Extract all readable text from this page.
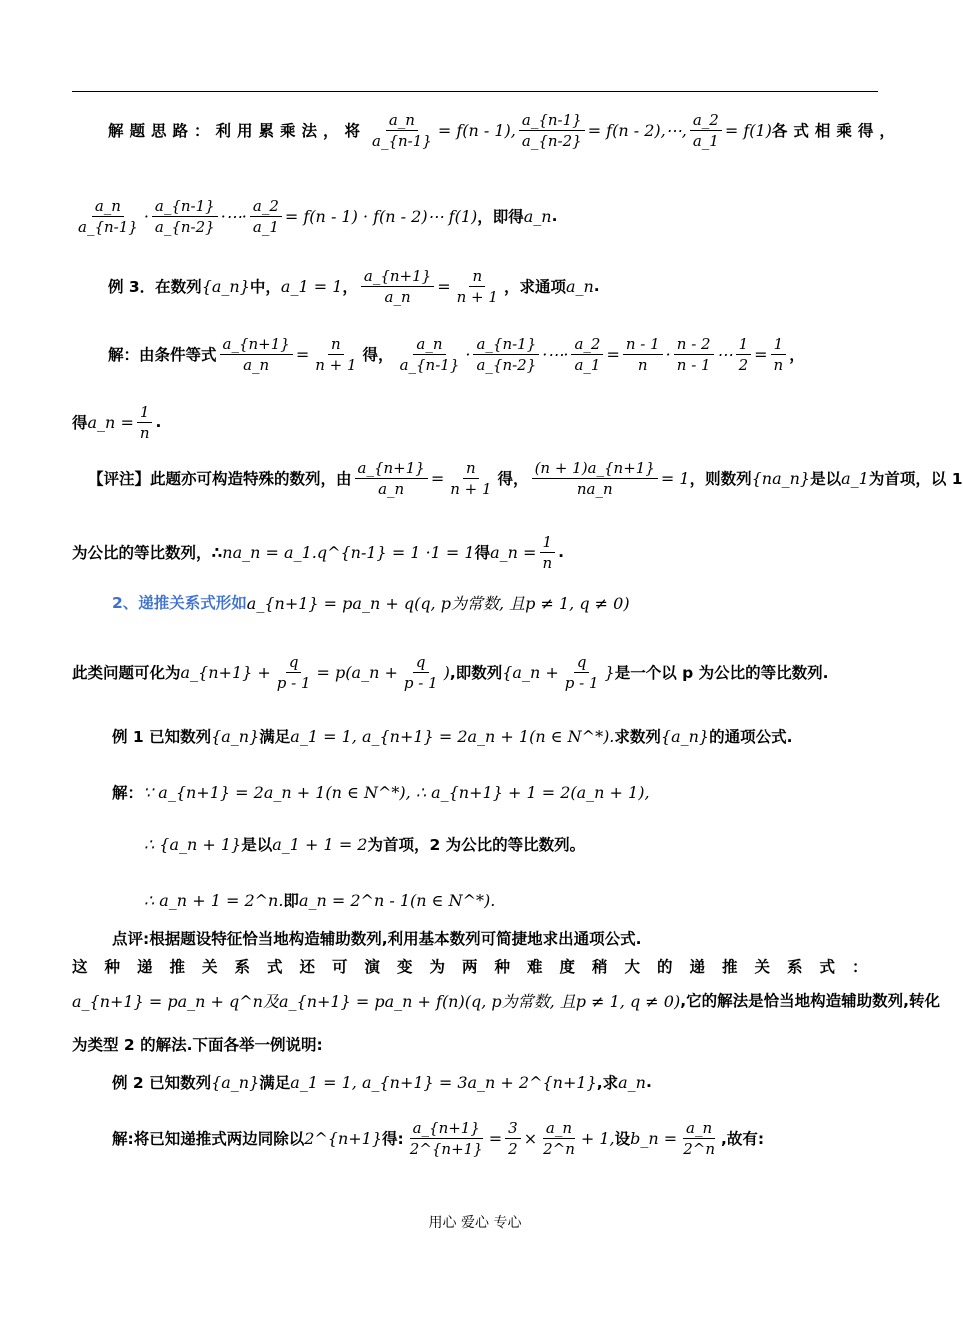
解题思路：利用累乘法，将 $\frac{a\_n}{a\_\{n-1\}} = f(n - 1)$, $\frac{a\_\{n-1\}}{a\_\{n-2\}} = f(n$ - 2),⋯, $\frac{a\_2}{a\_1} = f(1)$ 各式相乘得，
$\frac{a\_n}{a\_\{n-1\}} \cdot \frac{a\_\{n-1\}}{a\_\{n-2\}}$ ·⋯· $\frac{a\_2}{a\_1} = f(n - 1) \cdot f(n$ - 2)⋯ f(1) ，即得 a_n .
例 3．在数列 {a_n} 中， a_1 = 1 ， $\frac{a\_\{n+1\}}{a\_n} = \frac{n}{n + 1}$ ，求通项 a_n .
解：由条件等式 $\frac{a\_\{n+1\}}{a\_n} = \frac{n}{n + 1}$ 得， $\frac{a\_n}{a\_\{n-1\}} \cdot \frac{a\_\{n-1\}}{a\_\{n-2\}}$ ·⋯· $\frac{a\_2}{a\_1} = \frac{n - 1}{n} \cdot \frac{n - 2}{n - 1}$ ⋯ $\frac{1}{2} = \frac{1}{n}$ ，
得 a_n = $\frac{1}{n}$ .
【评注】此题亦可构造特殊的数列，由 $\frac{a\_\{n+1\}}{a\_n} = \frac{n}{n + 1}$ 得， $\frac{(n + 1)a\_\{n+1\}}{na\_n} = 1$ ，则数列 {na_n} 是以 a_1 为首项，以 1
为公比的等比数列，∴ na_n = a_1.q^{n-1} = 1 ·1 = 1 得 a_n = $\frac{1}{n}$ .
2、递推关系式形如 a_{n+1} = pa_n + q(q, p为常数, 且p ≠ 1, q ≠ 0)
此类问题可化为 a_{n+1} + $\frac{q}{p - 1}$ = p(a_n + $\frac{q}{p - 1}$ ) ,即数列 {a_n + $\frac{q}{p - 1}$ } 是一个以 p 为公比的等比数列.
例 1 已知数列 {a_n} 满足 a_1 = 1, a_{n+1} = 2a_n + 1(n ∈ N^*). 求数列 {a_n} 的通项公式.
解： ∵ a_{n+1} = 2a_n + 1(n ∈ N^*), ∴ a_{n+1} + 1 = 2(a_n + 1),
∴ {a_n + 1} 是以 a_1 + 1 = 2 为首项，2 为公比的等比数列。
∴ a_n + 1 = 2^n. 即 a_n = 2^n - 1(n ∈ N^*).
点评:根据题设特征恰当地构造辅助数列,利用基本数列可简捷地求出通项公式.
这种递推关系式还可演变为两种难度稍大的递推关系式：
a_{n+1} = pa_n + q^n及a_{n+1} = pa_n + f(n)(q, p为常数, 且p ≠ 1, q ≠ 0) ,它的解法是恰当地构造辅助数列,转化
为类型 2 的解法.下面各举一例说明:
例 2 已知数列 {a_n} 满足 a_1 = 1, a_{n+1} = 3a_n + 2^{n+1} ,求 a_n .
解:将已知递推式两边同除以 2^{n+1} 得: $\frac{a\_\{n+1\}}{2\^{}\{n+1\}} = \frac{3}{2} \times \frac{a\_n}{2\^{}n} + 1$, 设 b_n = $\frac{a\_n}{2\^{}n}$ ,故有:
用心 爱心 专心
